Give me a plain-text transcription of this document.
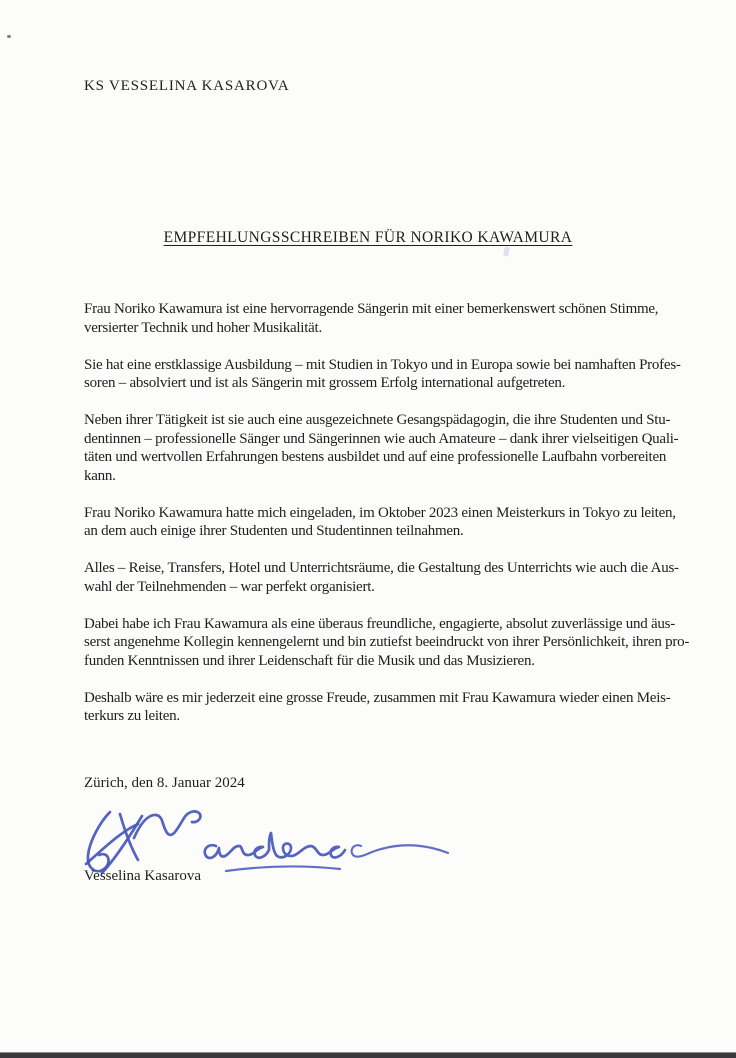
KS VESSELINA KASAROVA
EMPFEHLUNGSSCHREIBEN FÜR NORIKO KAWAMURA
Frau Noriko Kawamura ist eine hervorragende Sängerin mit einer bemerkenswert schönen Stimme,
versierter Technik und hoher Musikalität.
Sie hat eine erstklassige Ausbildung – mit Studien in Tokyo und in Europa sowie bei namhaften Profes-
soren – absolviert und ist als Sängerin mit grossem Erfolg international aufgetreten.
Neben ihrer Tätigkeit ist sie auch eine ausgezeichnete Gesangspädagogin, die ihre Studenten und Stu-
dentinnen – professionelle Sänger und Sängerinnen wie auch Amateure – dank ihrer vielseitigen Quali-
täten und wertvollen Erfahrungen bestens ausbildet und auf eine professionelle Laufbahn vorbereiten
kann.
Frau Noriko Kawamura hatte mich eingeladen, im Oktober 2023 einen Meisterkurs in Tokyo zu leiten,
an dem auch einige ihrer Studenten und Studentinnen teilnahmen.
Alles – Reise, Transfers, Hotel und Unterrichtsräume, die Gestaltung des Unterrichts wie auch die Aus-
wahl der Teilnehmenden – war perfekt organisiert.
Dabei habe ich Frau Kawamura als eine überaus freundliche, engagierte, absolut zuverlässige und äus-
serst angenehme Kollegin kennengelernt und bin zutiefst beeindruckt von ihrer Persönlichkeit, ihren pro-
funden Kenntnissen und ihrer Leidenschaft für die Musik und das Musizieren.
Deshalb wäre es mir jederzeit eine grosse Freude, zusammen mit Frau Kawamura wieder einen Meis-
terkurs zu leiten.
Zürich, den 8. Januar 2024
Vesselina Kasarova
